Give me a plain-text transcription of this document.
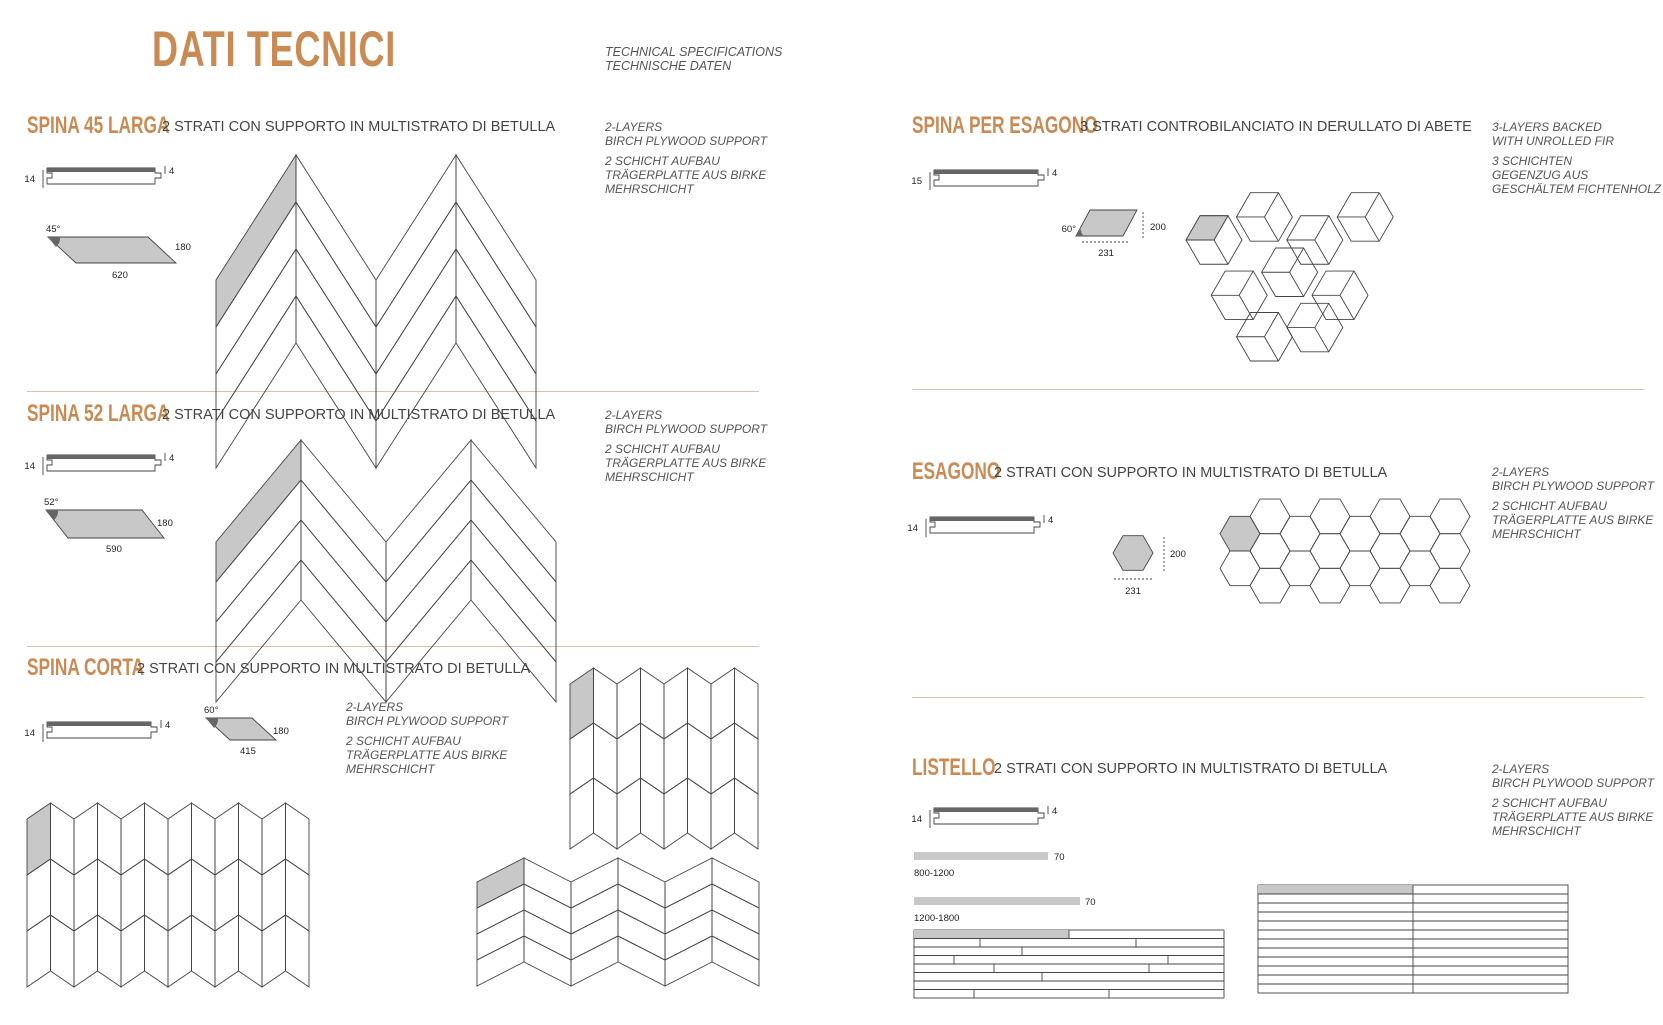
DATI TECNICI	TECHNICAL SPECIFICATIONS
TECHNISCHE DATEN
SPINA 45 LARGA
2 STRATI CON SUPPORTO IN MULTISTRATO DI BETULLA	2-LAYERS
BIRCH PLYWOOD SUPPORT

2 SCHICHT AUFBAU
TRÄGERPLATTE AUS BIRKE
MEHRSCHICHT

SPINA 52 LARGA
2 STRATI CON SUPPORTO IN MULTISTRATO DI BETULLA	2-LAYERS
BIRCH PLYWOOD SUPPORT

2 SCHICHT AUFBAU
TRÄGERPLATTE AUS BIRKE
MEHRSCHICHT

SPINA CORTA
2 STRATI CON SUPPORTO IN MULTISTRATO DI BETULLA

2-LAYERS
BIRCH PLYWOOD SUPPORT

2 SCHICHT AUFBAU
TRÄGERPLATTE AUS BIRKE
MEHRSCHICHT

SPINA PER ESAGONO
3 STRATI CONTROBILANCIATO IN DERULLATO DI ABETE 3-LAYERS BACKED
WITH UNROLLED FIR

3 SCHICHTEN
GEGENZUG AUS
GESCHÄLTEM FICHTENHOLZ

ESAGONO
2 STRATI CON SUPPORTO IN MULTISTRATO DI BETULLA	2-LAYERS
BIRCH PLYWOOD SUPPORT

2 SCHICHT AUFBAU
TRÄGERPLATTE AUS BIRKE
MEHRSCHICHT

LISTELLO
2 STRATI CON SUPPORTO IN MULTISTRATO DI BETULLA	2-LAYERS
BIRCH PLYWOOD SUPPORT

2 SCHICHT AUFBAU
TRÄGERPLATTE AUS BIRKE
MEHRSCHICHT

14
4
45°
180
620
14
4
52°
180
590
14
4
60°
180
415
15
4
60°	200
231
14
4
200
231
14
4
70
800-1200
70
1200-1800
